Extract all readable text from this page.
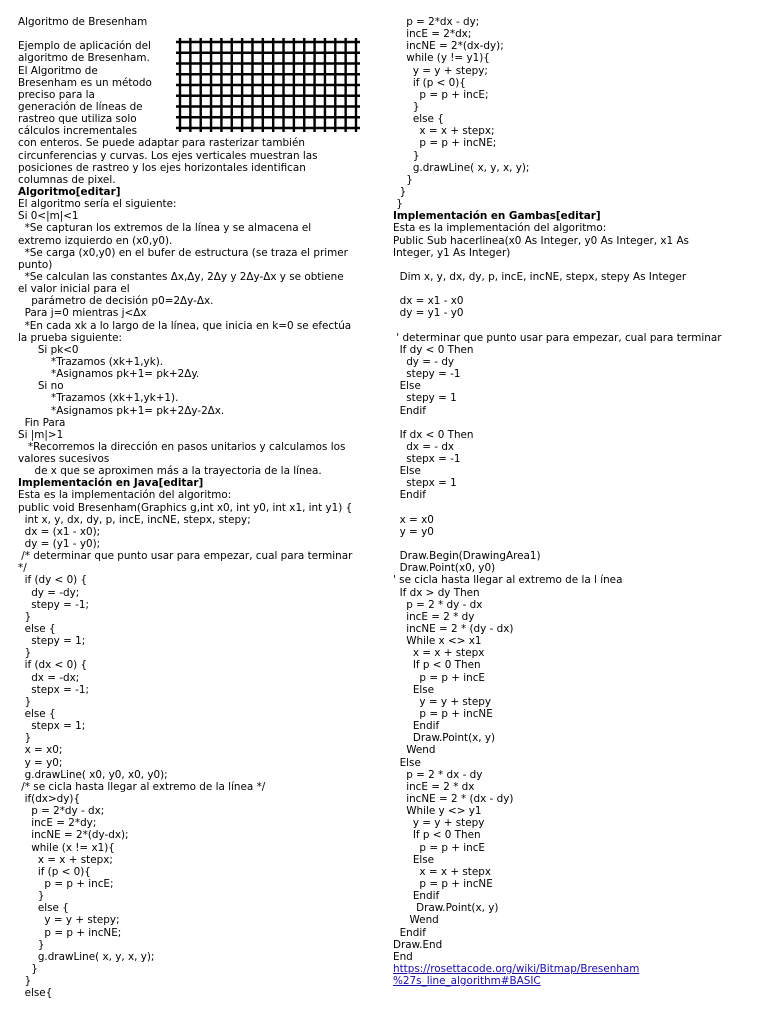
Algoritmo de Bresenham
Ejemplo de aplicación del
algoritmo de Bresenham.
El Algoritmo de
Bresenham es un método
preciso para la
generación de líneas de
rastreo que utiliza solo
cálculos incrementales
con enteros. Se puede adaptar para rasterizar también
circunferencias y curvas. Los ejes verticales muestran las
posiciones de rastreo y los ejes horizontales identifican
columnas de pixel.
Algoritmo[editar]
El algoritmo sería el siguiente:
Si 0<|m|<1
*Se capturan los extremos de la línea y se almacena el
extremo izquierdo en (x0,y0).
*Se carga (x0,y0) en el bufer de estructura (se traza el primer
punto)
*Se calculan las constantes Δx,Δy, 2Δy y 2Δy-Δx y se obtiene
el valor inicial para el
parámetro de decisión p0=2Δy-Δx.
Para j=0 mientras j<Δx
*En cada xk a lo largo de la línea, que inicia en k=0 se efectúa
la prueba siguiente:
Si pk<0
*Trazamos (xk+1,yk).
*Asignamos pk+1= pk+2Δy.
Si no
*Trazamos (xk+1,yk+1).
*Asignamos pk+1= pk+2Δy-2Δx.
Fin Para
Si |m|>1
*Recorremos la dirección en pasos unitarios y calculamos los
valores sucesivos
de x que se aproximen más a la trayectoria de la línea.
Implementación en Java[editar]
Esta es la implementación del algoritmo:
public void Bresenham(Graphics g,int x0, int y0, int x1, int y1) {
int x, y, dx, dy, p, incE, incNE, stepx, stepy;
dx = (x1 - x0);
dy = (y1 - y0);
/* determinar que punto usar para empezar, cual para terminar
*/
if (dy < 0) {
dy = -dy;
stepy = -1;
}
else {
stepy = 1;
}
if (dx < 0) {
dx = -dx;
stepx = -1;
}
else {
stepx = 1;
}
x = x0;
y = y0;
g.drawLine( x0, y0, x0, y0);
/* se cicla hasta llegar al extremo de la línea */
if(dx>dy){
p = 2*dy - dx;
incE = 2*dy;
incNE = 2*(dy-dx);
while (x != x1){
x = x + stepx;
if (p < 0){
p = p + incE;
}
else {
y = y + stepy;
p = p + incNE;
}
g.drawLine( x, y, x, y);
}
}
else{
p = 2*dx - dy;
incE = 2*dx;
incNE = 2*(dx-dy);
while (y != y1){
y = y + stepy;
if (p < 0){
p = p + incE;
}
else {
x = x + stepx;
p = p + incNE;
}
g.drawLine( x, y, x, y);
}
}
}
Implementación en Gambas[editar]
Esta es la implementación del algoritmo:
Public Sub hacerlinea(x0 As Integer, y0 As Integer, x1 As
Integer, y1 As Integer)
Dim x, y, dx, dy, p, incE, incNE, stepx, stepy As Integer
dx = x1 - x0
dy = y1 - y0
' determinar que punto usar para empezar, cual para terminar
If dy < 0 Then
dy = - dy
stepy = -1
Else
stepy = 1
Endif
If dx < 0 Then
dx = - dx
stepx = -1
Else
stepx = 1
Endif
x = x0
y = y0
Draw.Begin(DrawingArea1)
Draw.Point(x0, y0)
' se cicla hasta llegar al extremo de la l ínea
If dx > dy Then
p = 2 * dy - dx
incE = 2 * dy
incNE = 2 * (dy - dx)
While x <> x1
x = x + stepx
If p < 0 Then
p = p + incE
Else
y = y + stepy
p = p + incNE
Endif
Draw.Point(x, y)
Wend
Else
p = 2 * dx - dy
incE = 2 * dx
incNE = 2 * (dx - dy)
While y <> y1
y = y + stepy
If p < 0 Then
p = p + incE
Else
x = x + stepx
p = p + incNE
Endif
Draw.Point(x, y)
Wend
Endif
Draw.End
End
https://rosettacode.org/wiki/Bitmap/Bresenham
%27s_line_algorithm#BASIC
